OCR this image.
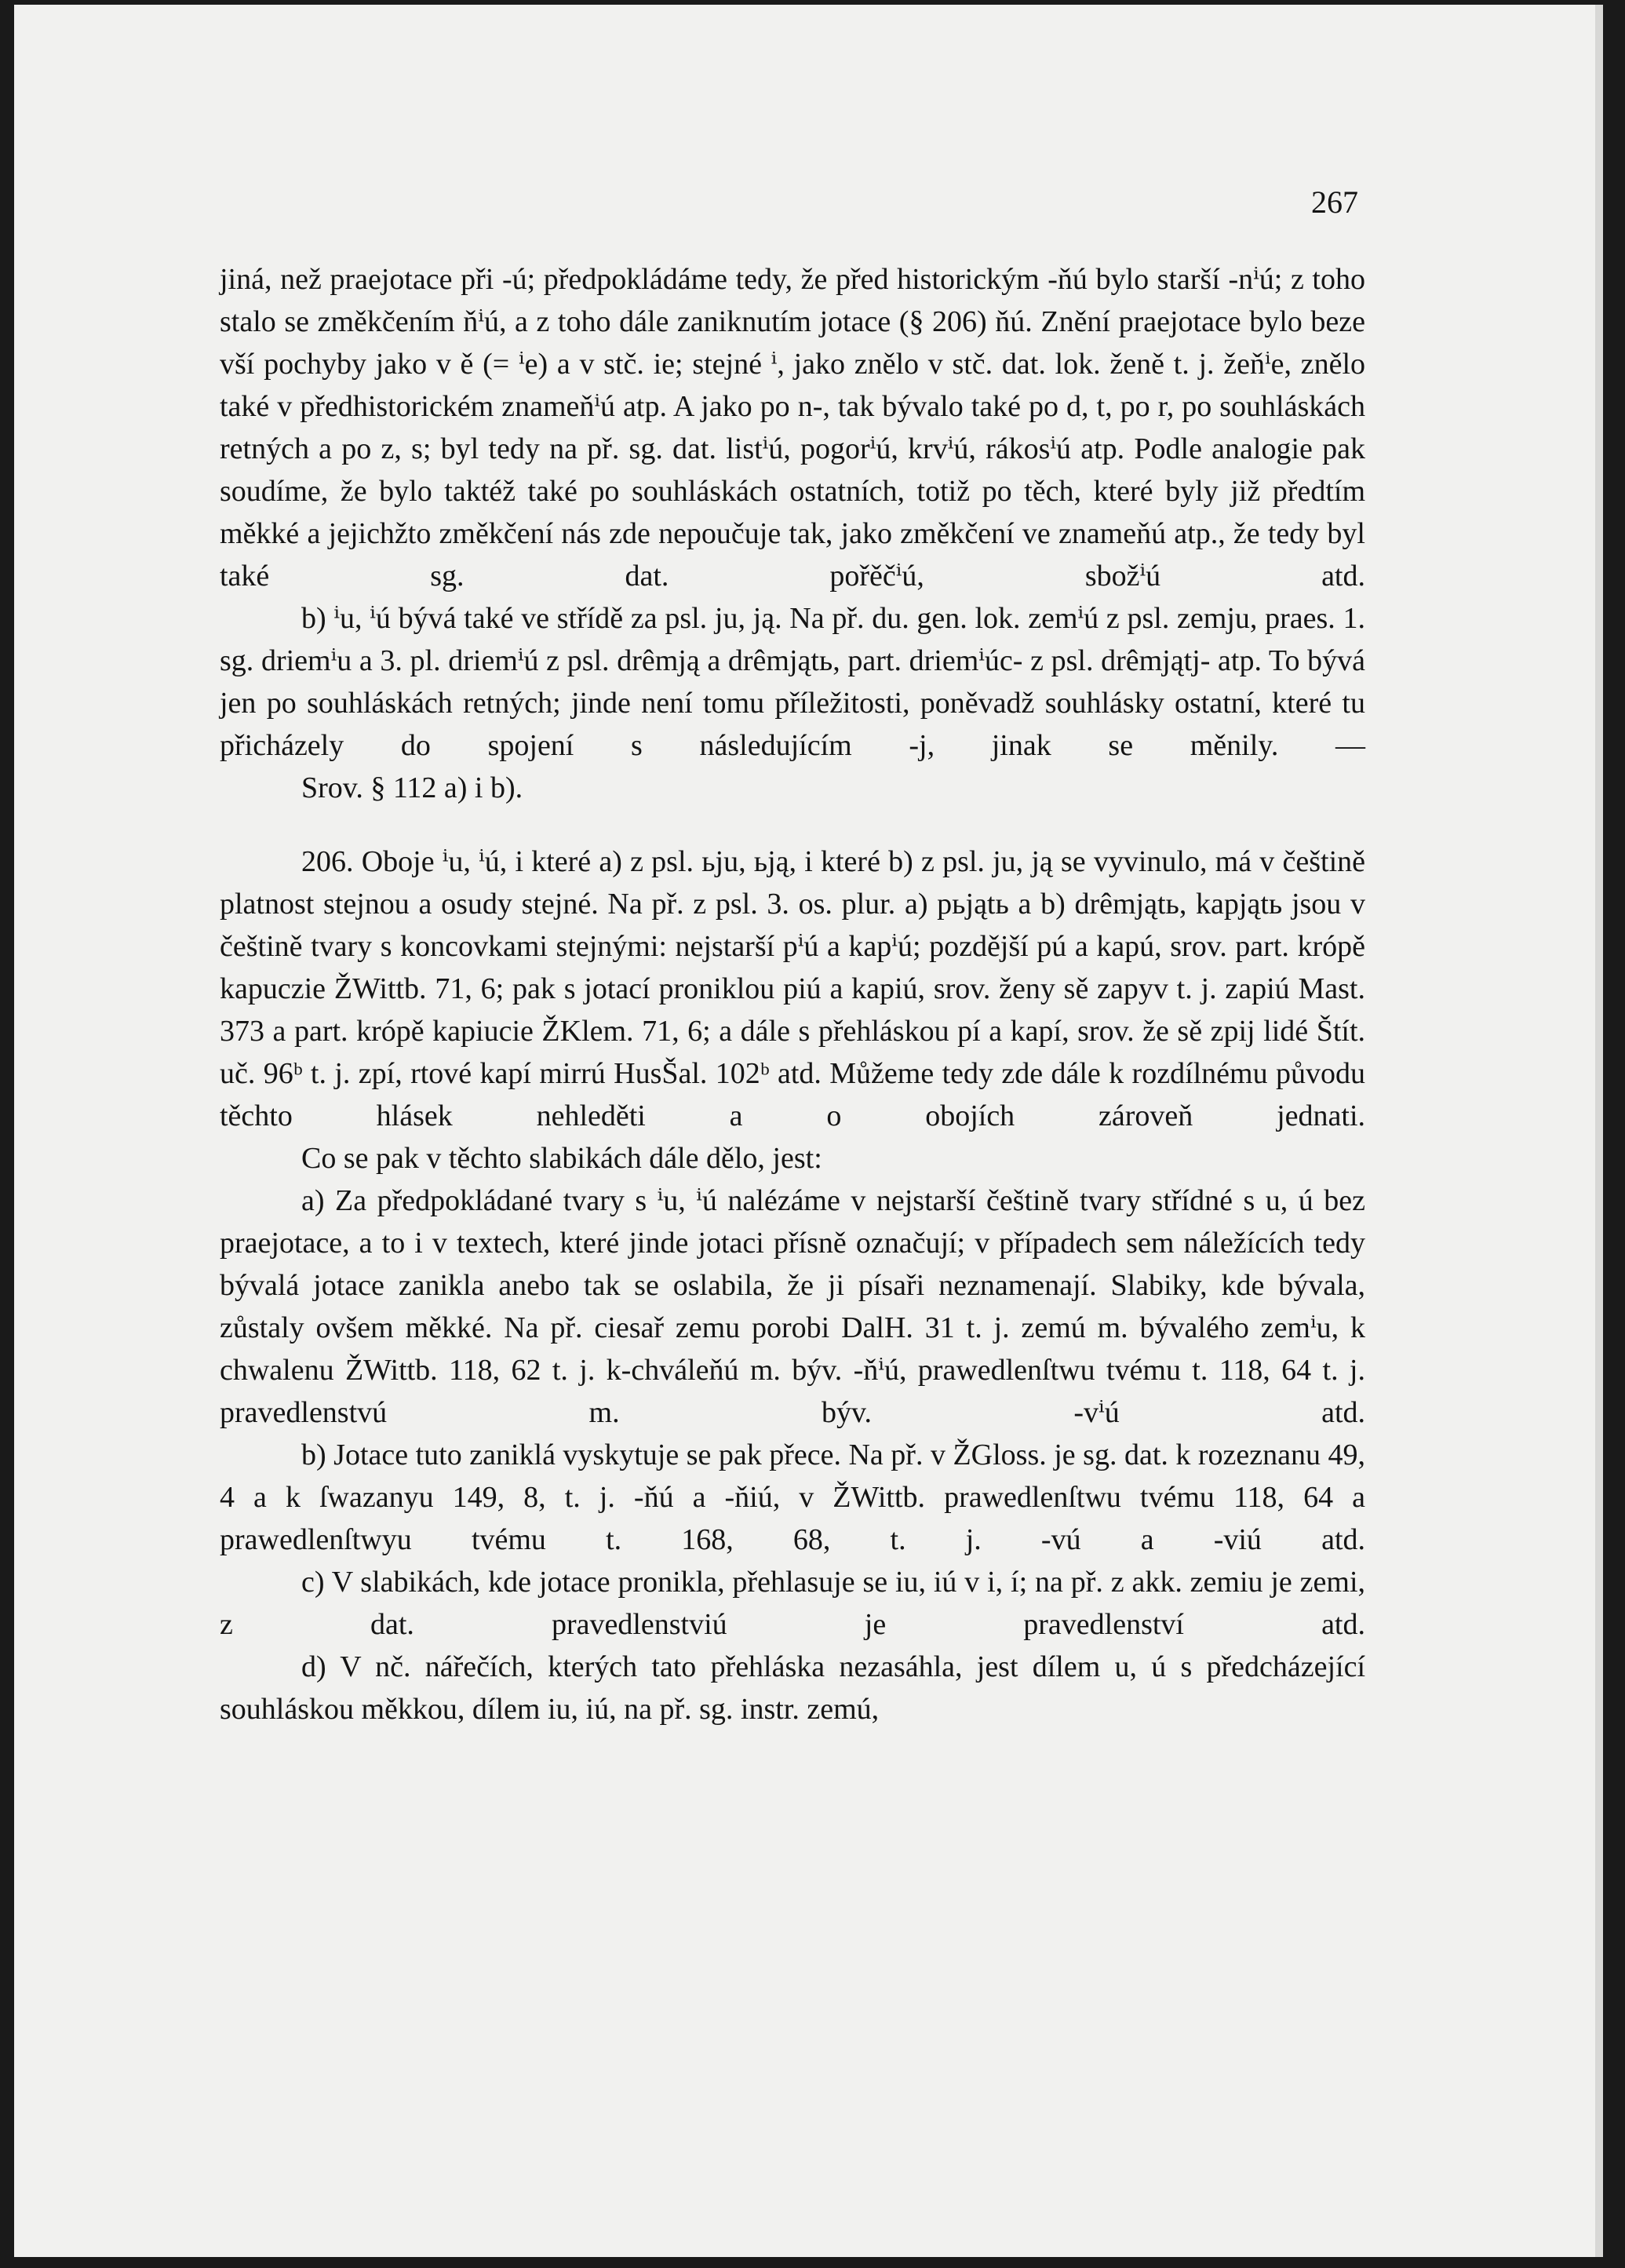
267

jiná, než praejotace při -ú; předpokládáme tedy, že před historickým -ňú bylo starší -nⁱú; z toho stalo se změkčením ňⁱú, a z toho dále zaniknutím jotace (§ 206) ňú. Znění praejotace bylo beze vší pochyby jako v ě (= ⁱe) a v stč. ie; stejné ⁱ, jako znělo v stč. dat. lok. ženě t. j. žeňⁱe, znělo také v předhistorickém znameňⁱú atp. A jako po n-, tak bývalo také po d, t, po r, po souhláskách retných a po z, s; byl tedy na př. sg. dat. listⁱú, pogorⁱú, krvⁱú, rákosⁱú atp. Podle analogie pak soudíme, že bylo taktéž také po souhláskách ostatních, totiž po těch, které byly již předtím měkké a jejichžto změkčení nás zde nepoučuje tak, jako změkčení ve znameňú atp., že tedy byl také sg. dat. pořěčⁱú, sbožⁱú atd.

b) ⁱu, ⁱú bývá také ve střídě za psl. ju, ją. Na př. du. gen. lok. zemⁱú z psl. zemju, praes. 1. sg. driemⁱu a 3. pl. driemⁱú z psl. drêmją a drêmjątь, part. driemⁱúc- z psl. drêmjątj- atp. To bývá jen po souhláskách retných; jinde není tomu příležitosti, poněvadž souhlásky ostatní, které tu přicházely do spojení s následujícím -j, jinak se měnily. —

Srov. § 112 a) i b).

206. Oboje ⁱu, ⁱú, i které a) z psl. ьju, ьją, i které b) z psl. ju, ją se vyvinulo, má v češtině platnost stejnou a osudy stejné. Na př. z psl. 3. os. plur. a) pьjątь a b) drêmjątь, kapjątь jsou v češtině tvary s koncovkami stejnými: nejstarší pⁱú a kapⁱú; pozdější pú a kapú, srov. part. krópě kapuczie ŽWittb. 71, 6; pak s jotací proniklou piú a kapiú, srov. ženy sě zapyv t. j. zapiú Mast. 373 a part. krópě kapiucie ŽKlem. 71, 6; a dále s přehláskou pí a kapí, srov. že sě zpij lidé Štít. uč. 96ᵇ t. j. zpí, rtové kapí mirrú HusŠal. 102ᵇ atd. Můžeme tedy zde dále k rozdílnému původu těchto hlásek nehleděti a o obojích zároveň jednati.

Co se pak v těchto slabikách dále dělo, jest:

a) Za předpokládané tvary s ⁱu, ⁱú nalézáme v nejstarší češtině tvary střídné s u, ú bez praejotace, a to i v textech, které jinde jotaci přísně označují; v případech sem náležících tedy bývalá jotace zanikla anebo tak se oslabila, že ji písaři neznamenají. Slabiky, kde bývala, zůstaly ovšem měkké. Na př. ciesař zemu porobi DalH. 31 t. j. zemú m. bývalého zemⁱu, k chwalenu ŽWittb. 118, 62 t. j. k-chváleňú m. býv. -ňⁱú, prawedlenſtwu tvému t. 118, 64 t. j. pravedlenstvú m. býv. -vⁱú atd.

b) Jotace tuto zaniklá vyskytuje se pak přece. Na př. v ŽGloss. je sg. dat. k rozeznanu 49, 4 a k ſwazanyu 149, 8, t. j. -ňú a -ňiú, v ŽWittb. prawedlenſtwu tvému 118, 64 a prawedlenſtwyu tvému t. 168, 68, t. j. -vú a -viú atd.

c) V slabikách, kde jotace pronikla, přehlasuje se iu, iú v i, í; na př. z akk. zemiu je zemi, z dat. pravedlenstviú je pravedlenství atd.

d) V nč. nářečích, kterých tato přehláska nezasáhla, jest dílem u, ú s předcházející souhláskou měkkou, dílem iu, iú, na př. sg. instr. zemú,
